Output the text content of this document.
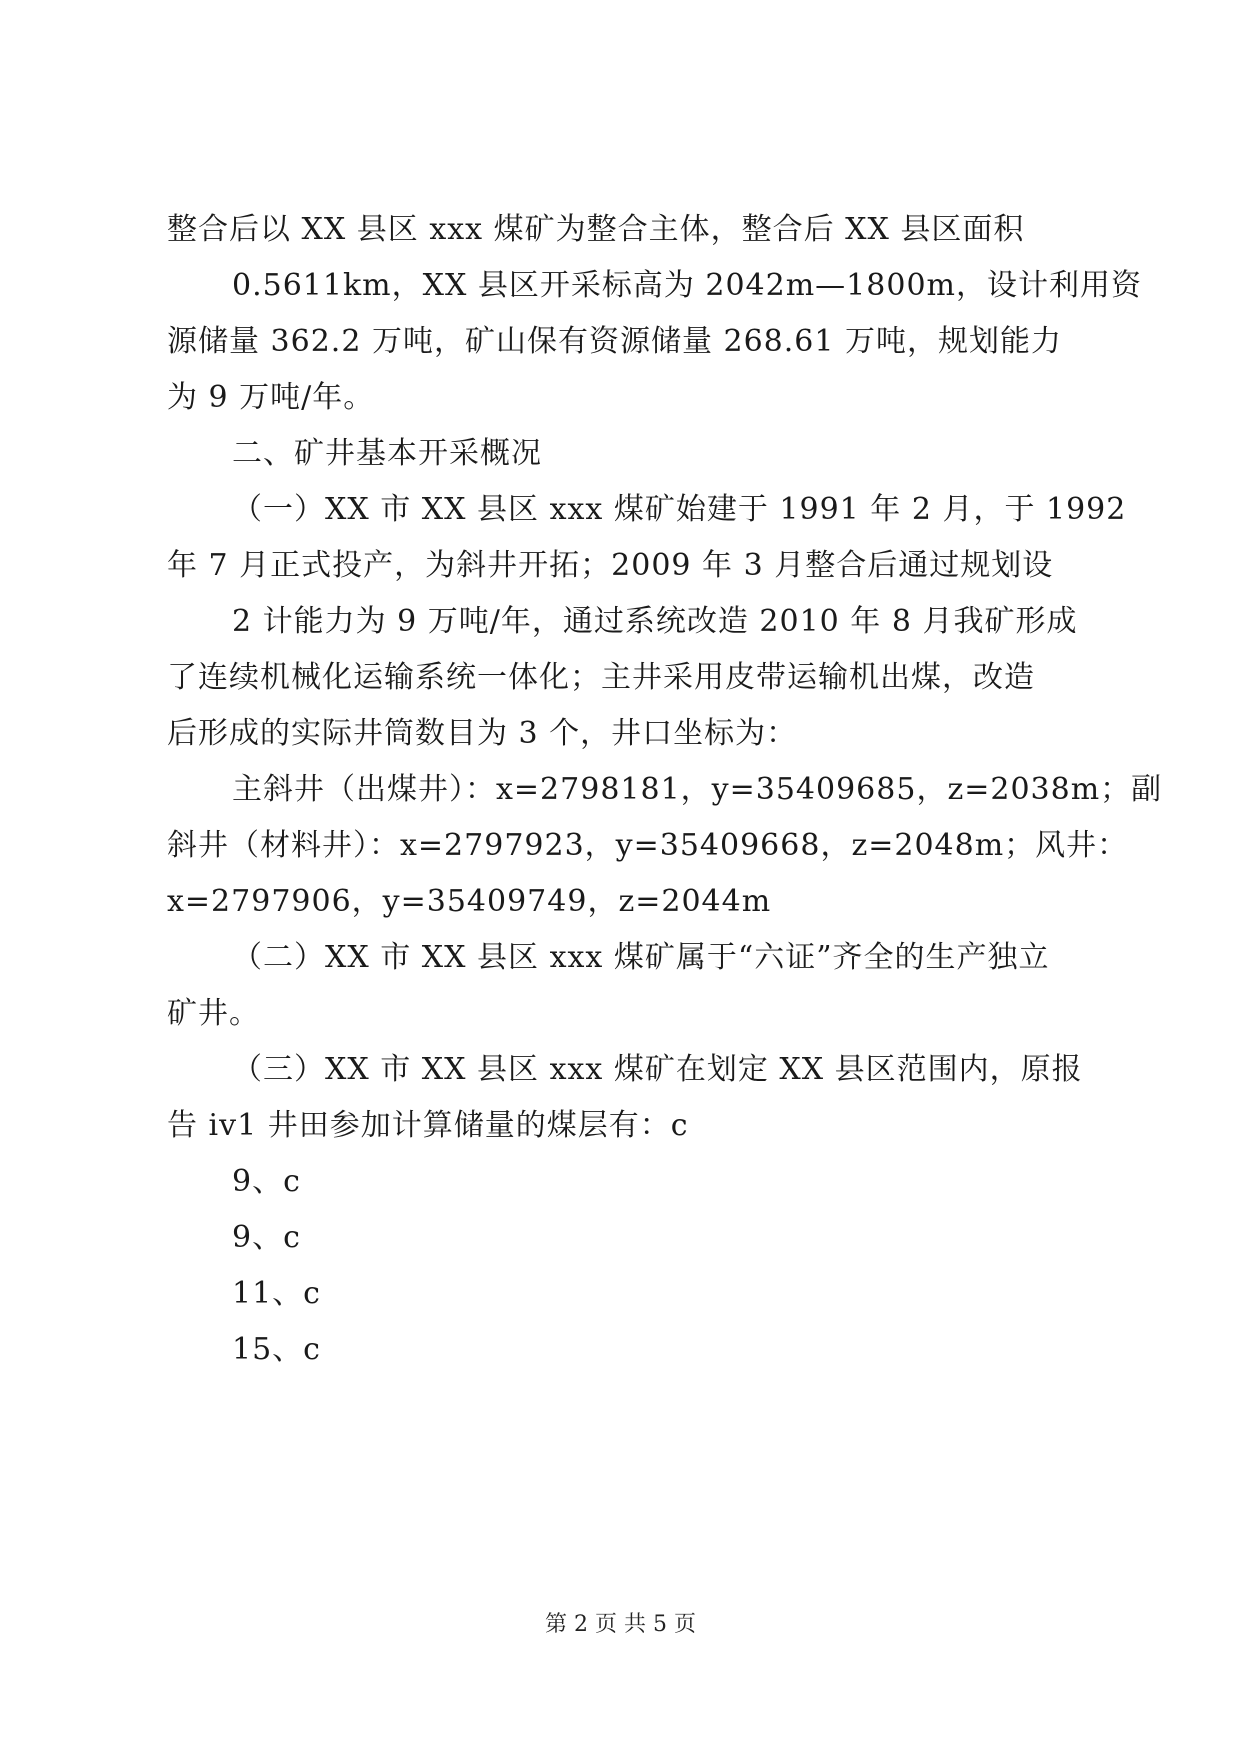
整合后以 XX 县区 xxx 煤矿为整合主体，整合后 XX 县区面积
0.5611km，XX 县区开采标高为 2042m—1800m，设计利用资
源储量 362.2 万吨，矿山保有资源储量 268.61 万吨，规划能力
为 9 万吨/年。
二、矿井基本开采概况
（一）XX 市 XX 县区 xxx 煤矿始建于 1991 年 2 月，于 1992
年 7 月正式投产，为斜井开拓；2009 年 3 月整合后通过规划设
2 计能力为 9 万吨/年，通过系统改造 2010 年 8 月我矿形成
了连续机械化运输系统一体化；主井采用皮带运输机出煤，改造
后形成的实际井筒数目为 3 个，井口坐标为：
主斜井（出煤井）：x=2798181，y=35409685，z=2038m；副
斜井（材料井）：x=2797923，y=35409668，z=2048m；风井：
x=2797906，y=35409749，z=2044m
（二）XX 市 XX 县区 xxx 煤矿属于“六证”齐全的生产独立
矿井。
（三）XX 市 XX 县区 xxx 煤矿在划定 XX 县区范围内，原报
告 iv1 井田参加计算储量的煤层有：c
9、c
9、c
11、c
15、c
第 2 页 共 5 页
